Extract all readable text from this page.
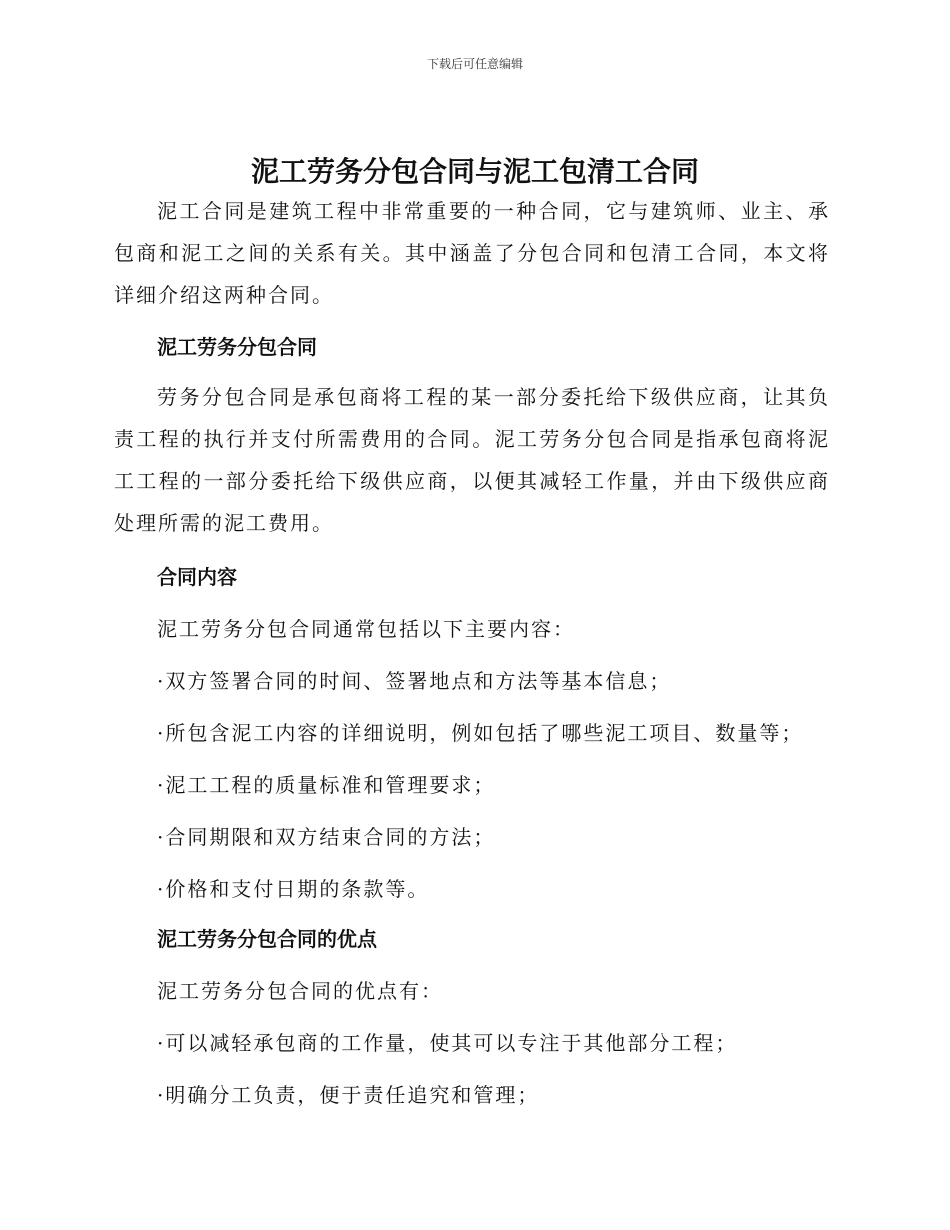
下载后可任意编辑
泥工劳务分包合同与泥工包清工合同

泥工合同是建筑工程中非常重要的一种合同，它与建筑师、业主、承包商和泥工之间的关系有关。其中涵盖了分包合同和包清工合同，本文将详细介绍这两种合同。

泥工劳务分包合同

劳务分包合同是承包商将工程的某一部分委托给下级供应商，让其负责工程的执行并支付所需费用的合同。泥工劳务分包合同是指承包商将泥工工程的一部分委托给下级供应商，以便其减轻工作量，并由下级供应商处理所需的泥工费用。

合同内容

泥工劳务分包合同通常包括以下主要内容：

·双方签署合同的时间、签署地点和方法等基本信息；

·所包含泥工内容的详细说明，例如包括了哪些泥工项目、数量等；

·泥工工程的质量标准和管理要求；

·合同期限和双方结束合同的方法；

·价格和支付日期的条款等。

泥工劳务分包合同的优点

泥工劳务分包合同的优点有：

·可以减轻承包商的工作量，使其可以专注于其他部分工程；

·明确分工负责，便于责任追究和管理；
